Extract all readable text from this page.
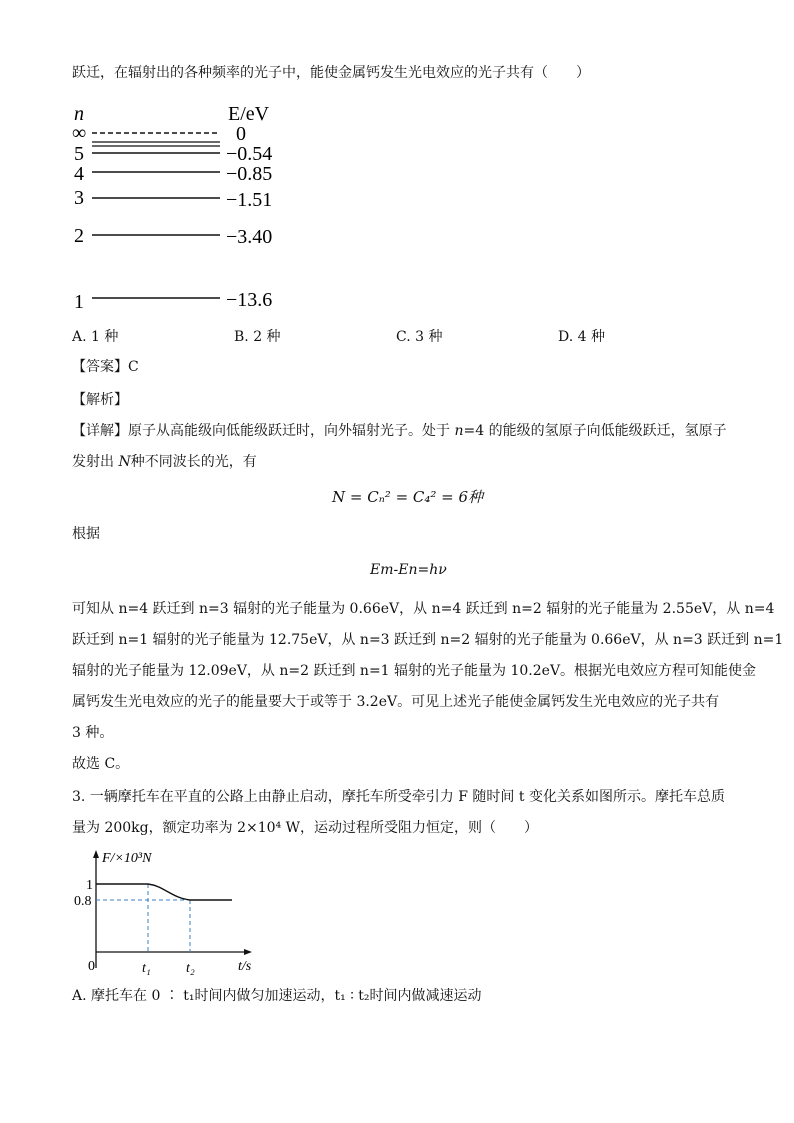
跃迁，在辐射出的各种频率的光子中，能使金属钙发生光电效应的光子共有（　　）
n	E/eV
∞	0
5	−0.54
4	−0.85
3	−1.51
2	−3.40
1	−13.6
A. 1 种	B. 2 种	C. 3 种	D. 4 种
【答案】C
【解析】
【详解】原子从高能级向低能级跃迁时，向外辐射光子。处于 n=4 的能级的氢原子向低能级跃迁，氢原子
发射出 N种不同波长的光，有
N = Cₙ² = C₄² = 6种
根据
Em-En=hν
可知从 n=4 跃迁到 n=3 辐射的光子能量为 0.66eV，从 n=4 跃迁到 n=2 辐射的光子能量为 2.55eV，从 n=4
跃迁到 n=1 辐射的光子能量为 12.75eV，从 n=3 跃迁到 n=2 辐射的光子能量为 0.66eV，从 n=3 跃迁到 n=1
辐射的光子能量为 12.09eV，从 n=2 跃迁到 n=1 辐射的光子能量为 10.2eV。根据光电效应方程可知能使金
属钙发生光电效应的光子的能量要大于或等于 3.2eV。可见上述光子能使金属钙发生光电效应的光子共有
3 种。
故选 C。
3. 一辆摩托车在平直的公路上由静止启动，摩托车所受牵引力 F 随时间 t 变化关系如图所示。摩托车总质
量为 200kg，额定功率为 2×10⁴ W，运动过程所受阻力恒定，则（　　）
F/×10³N
t/s
1
0.8
0	t₁	t₂
A. 摩托车在 0 ∶ t₁时间内做匀加速运动，t₁ ∶ t₂时间内做减速运动
